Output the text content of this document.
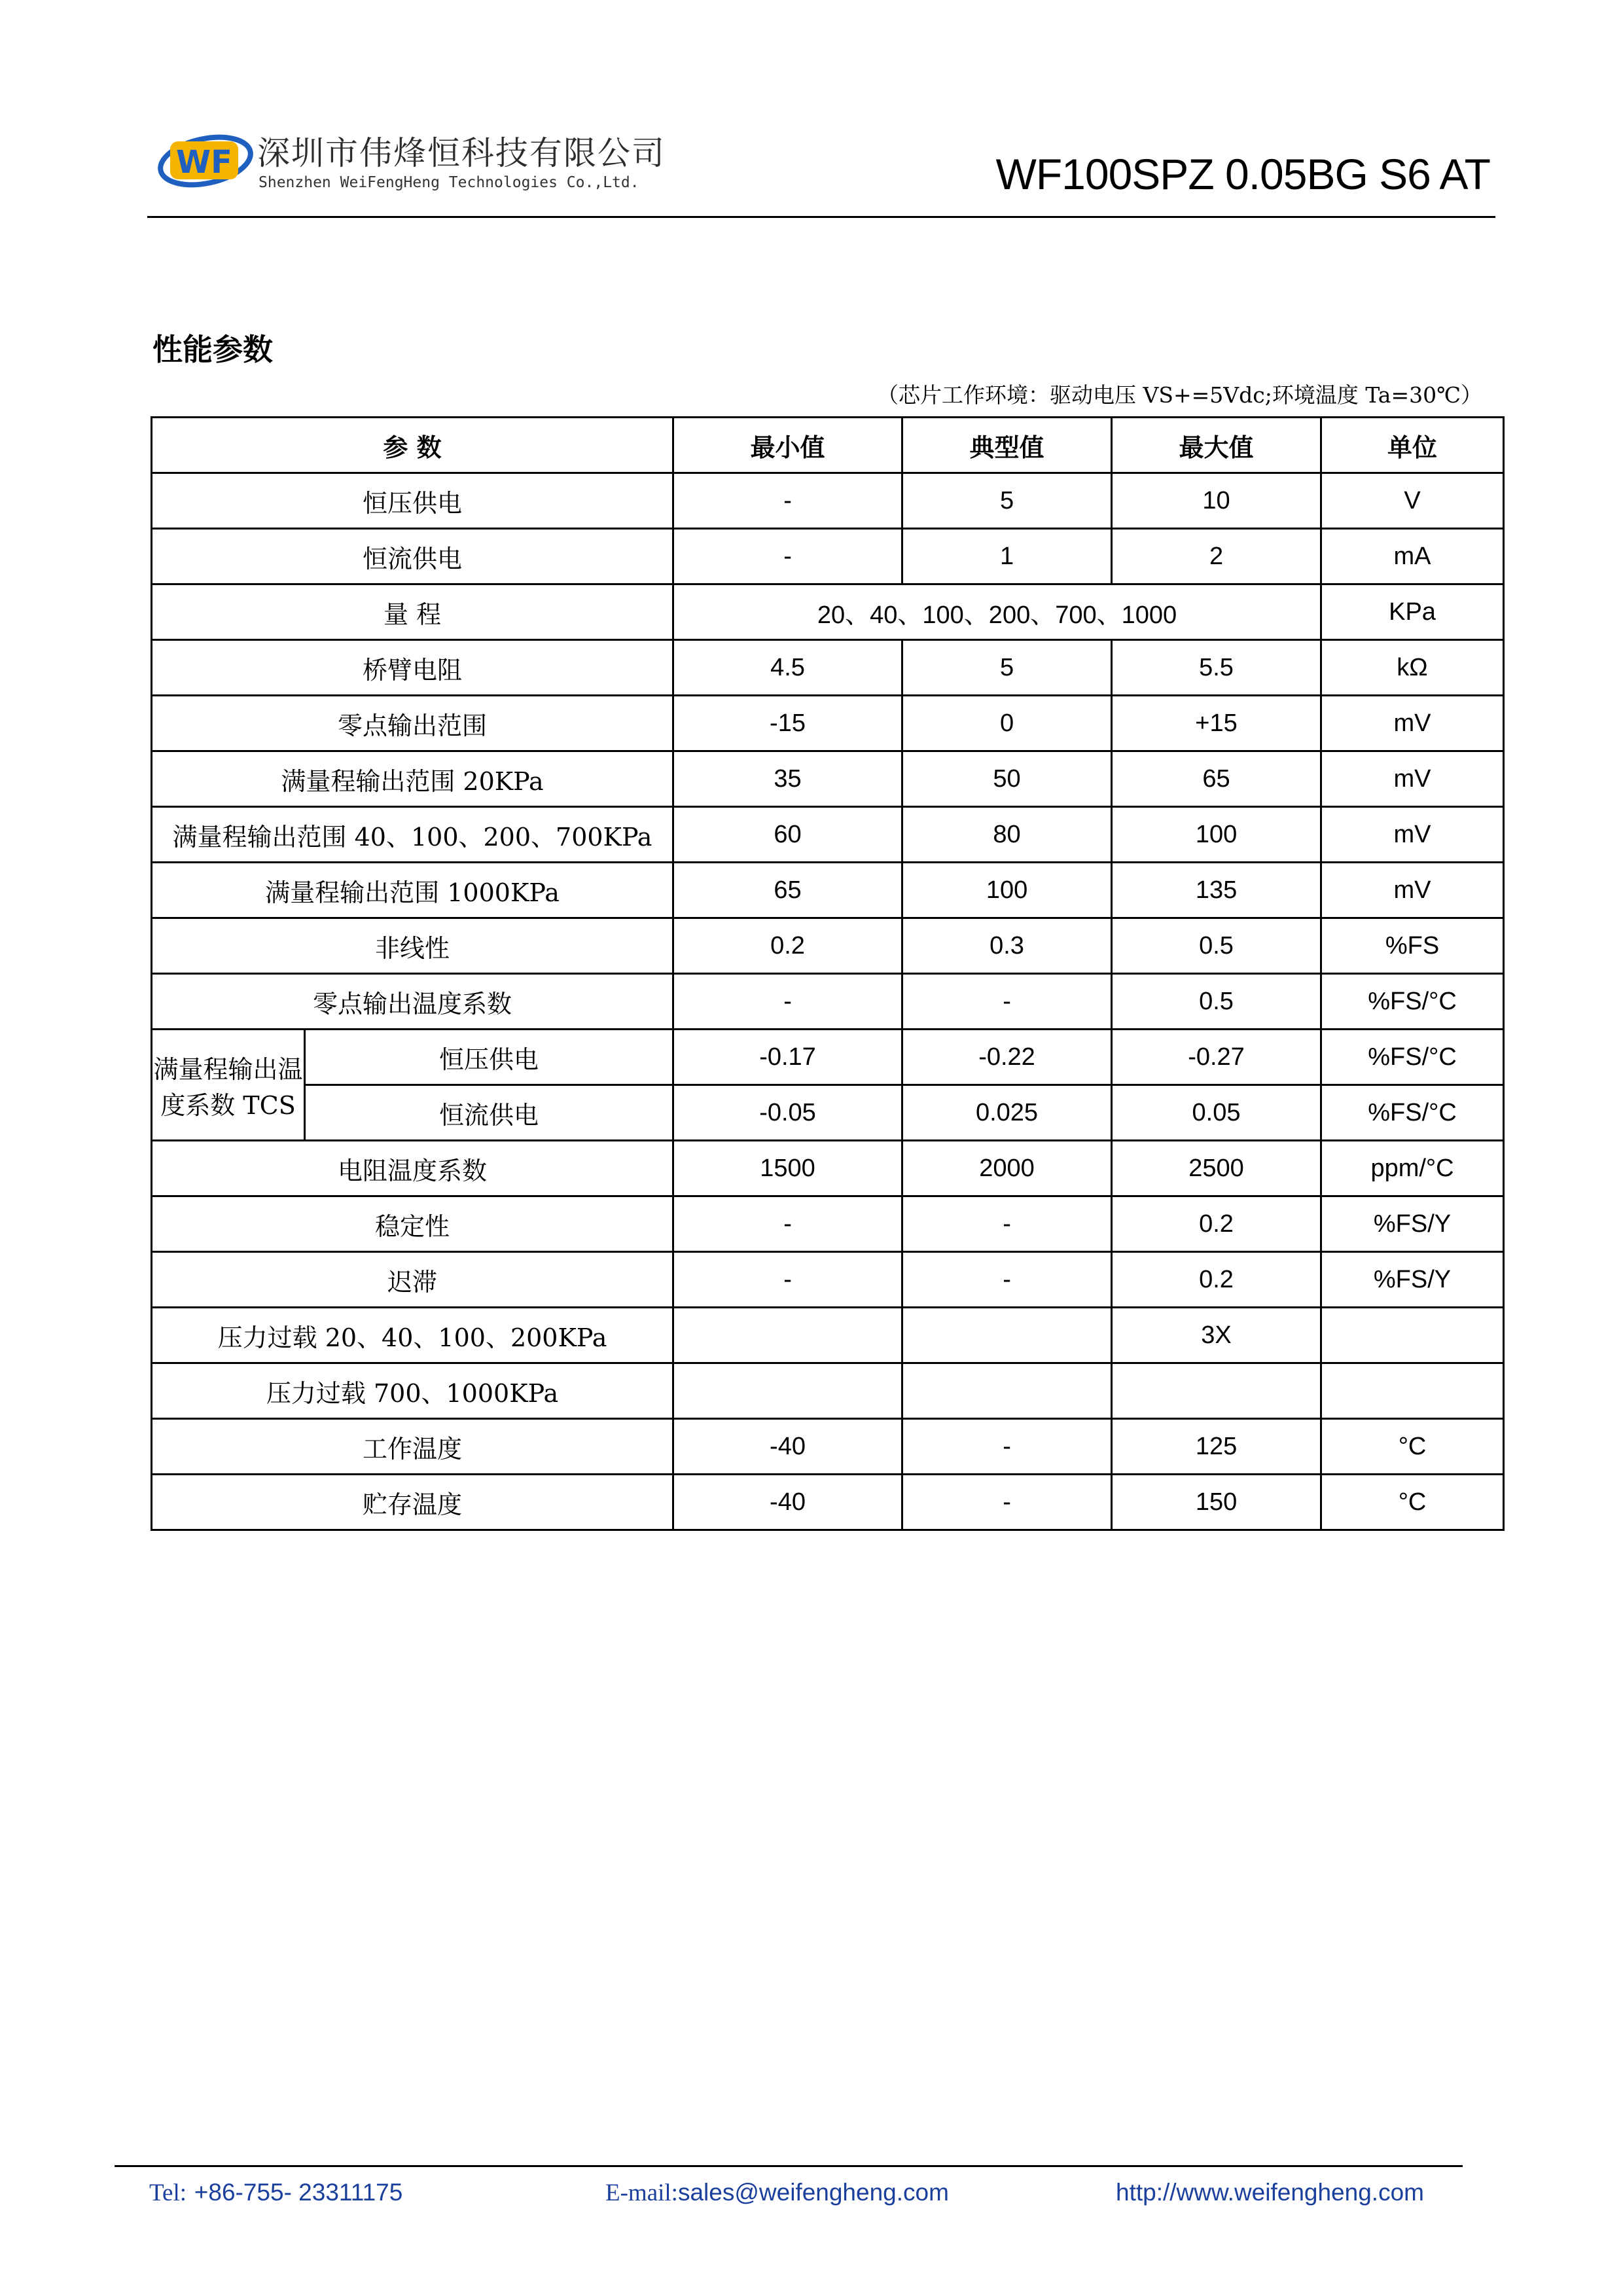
WF 深圳市伟烽恒科技有限公司
Shenzhen WeiFengHeng Technologies Co.,Ltd.	WF100SPZ 0.05BG S6 AT
性能参数
（芯片工作环境：驱动电压 VS+=5Vdc;环境温度 Ta=30℃）
参 数		最小值	典型值	最大值	单位
恒压供电		-	5	10	V
恒流供电		-	1	2	mA
量 程		20、40、100、200、700、1000			KPa
桥臂电阻		4.5	5	5.5	kΩ
零点输出范围		-15	0	+15	mV
满量程输出范围 20KPa		35	50	65	mV
满量程输出范围 40、100、200、700KPa		60	80	100	mV
满量程输出范围 1000KPa		65	100	135	mV
非线性		0.2	0.3	0.5	%FS
零点输出温度系数		-	-	0.5	%FS/°C
满量程输出温度系数 TCS	恒压供电	-0.17	-0.22	-0.27	%FS/°C
	恒流供电	-0.05	0.025	0.05	%FS/°C
电阻温度系数		1500	2000	2500	ppm/°C
稳定性		-	-	0.2	%FS/Y
迟滞		-	-	0.2	%FS/Y
压力过载 20、40、100、200KPa				3X	
压力过载 700、1000KPa					
工作温度		-40	-	125	°C
贮存温度		-40	-	150	°C
Tel: +86-755- 23311175	E-mail:sales@weifengheng.com	http://www.weifengheng.com
